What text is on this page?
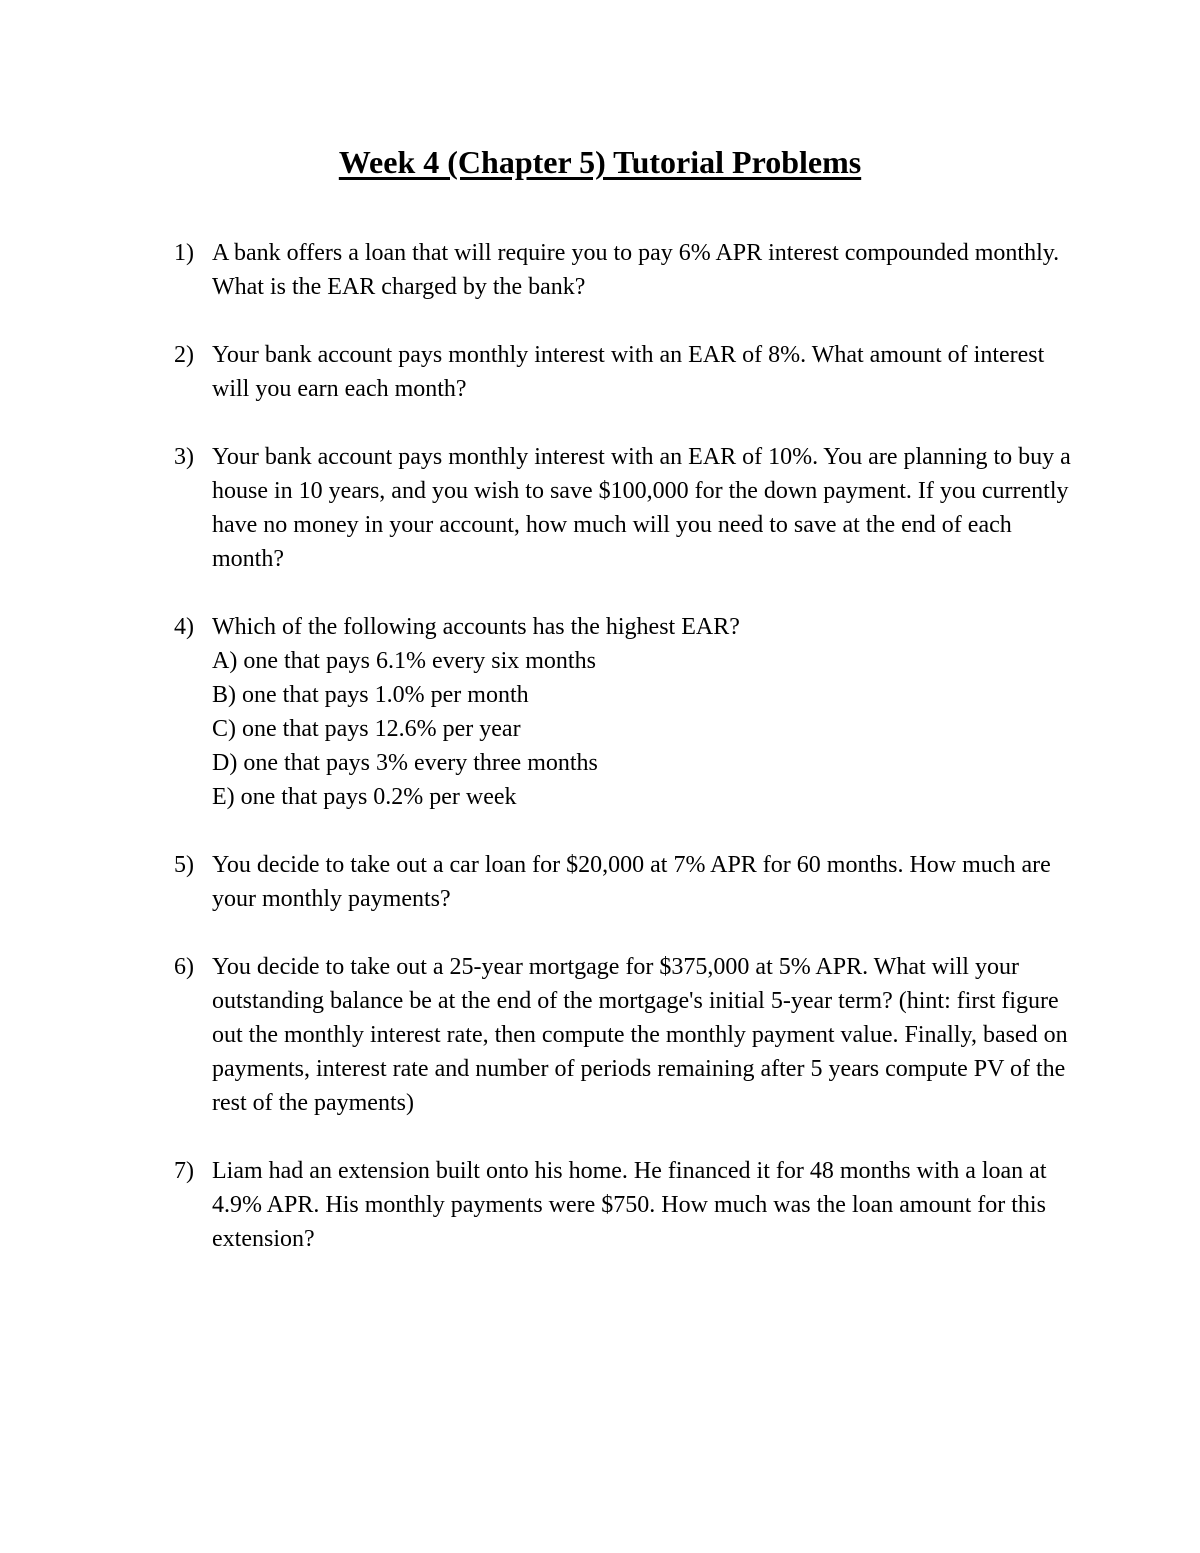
Week 4 (Chapter 5) Tutorial Problems
1) A bank offers a loan that will require you to pay 6% APR interest compounded monthly. What is the EAR charged by the bank?
2) Your bank account pays monthly interest with an EAR of 8%. What amount of interest will you earn each month?
3) Your bank account pays monthly interest with an EAR of 10%. You are planning to buy a house in 10 years, and you wish to save $100,000 for the down payment. If you currently have no money in your account, how much will you need to save at the end of each month?
4) Which of the following accounts has the highest EAR?
A) one that pays 6.1% every six months
B) one that pays 1.0% per month
C) one that pays 12.6% per year
D) one that pays 3% every three months
E) one that pays 0.2% per week
5) You decide to take out a car loan for $20,000 at 7% APR for 60 months. How much are your monthly payments?
6) You decide to take out a 25-year mortgage for $375,000 at 5% APR. What will your outstanding balance be at the end of the mortgage's initial 5-year term? (hint: first figure out the monthly interest rate, then compute the monthly payment value. Finally, based on payments, interest rate and number of periods remaining after 5 years compute PV of the rest of the payments)
7) Liam had an extension built onto his home. He financed it for 48 months with a loan at 4.9% APR. His monthly payments were $750. How much was the loan amount for this extension?
